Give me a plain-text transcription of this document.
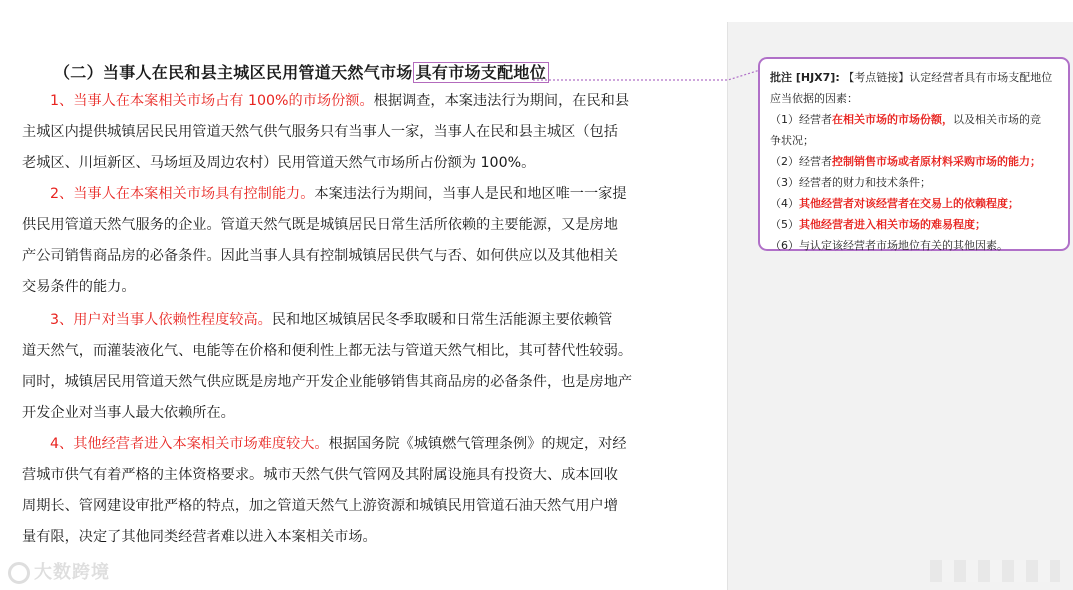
（二）当事人在民和县主城区民用管道天然气市场 具有市场支配地位
1、当事人在本案相关市场占有 100%的市场份额。根据调查，本案违法行为期间，在民和县
主城区内提供城镇居民民用管道天然气供气服务只有当事人一家，当事人在民和县主城区（包括
老城区、川垣新区、马场垣及周边农村）民用管道天然气市场所占份额为 100%。
2、当事人在本案相关市场具有控制能力。本案违法行为期间，当事人是民和地区唯一一家提
供民用管道天然气服务的企业。管道天然气既是城镇居民日常生活所依赖的主要能源，又是房地
产公司销售商品房的必备条件。因此当事人具有控制城镇居民供气与否、如何供应以及其他相关
交易条件的能力。
3、用户对当事人依赖性程度较高。民和地区城镇居民冬季取暖和日常生活能源主要依赖管
道天然气，而灌装液化气、电能等在价格和便利性上都无法与管道天然气相比，其可替代性较弱。
同时，城镇居民用管道天然气供应既是房地产开发企业能够销售其商品房的必备条件，也是房地产
开发企业对当事人最大依赖所在。
4、其他经营者进入本案相关市场难度较大。根据国务院《城镇燃气管理条例》的规定，对经
营城市供气有着严格的主体资格要求。城市天然气供气管网及其附属设施具有投资大、成本回收
周期长、管网建设审批严格的特点，加之管道天然气上游资源和城镇民用管道石油天然气用户增
量有限，决定了其他同类经营者难以进入本案相关市场。
批注 [HJX7]: 【考点链接】认定经营者具有市场支配地位
应当依据的因素：
（1）经营者在相关市场的市场份额，以及相关市场的竞
争状况；
（2）经营者控制销售市场或者原材料采购市场的能力；
（3）经营者的财力和技术条件；
（4）其他经营者对该经营者在交易上的依赖程度；
（5）其他经营者进入相关市场的难易程度；
（6）与认定该经营者市场地位有关的其他因素。
大数跨境
